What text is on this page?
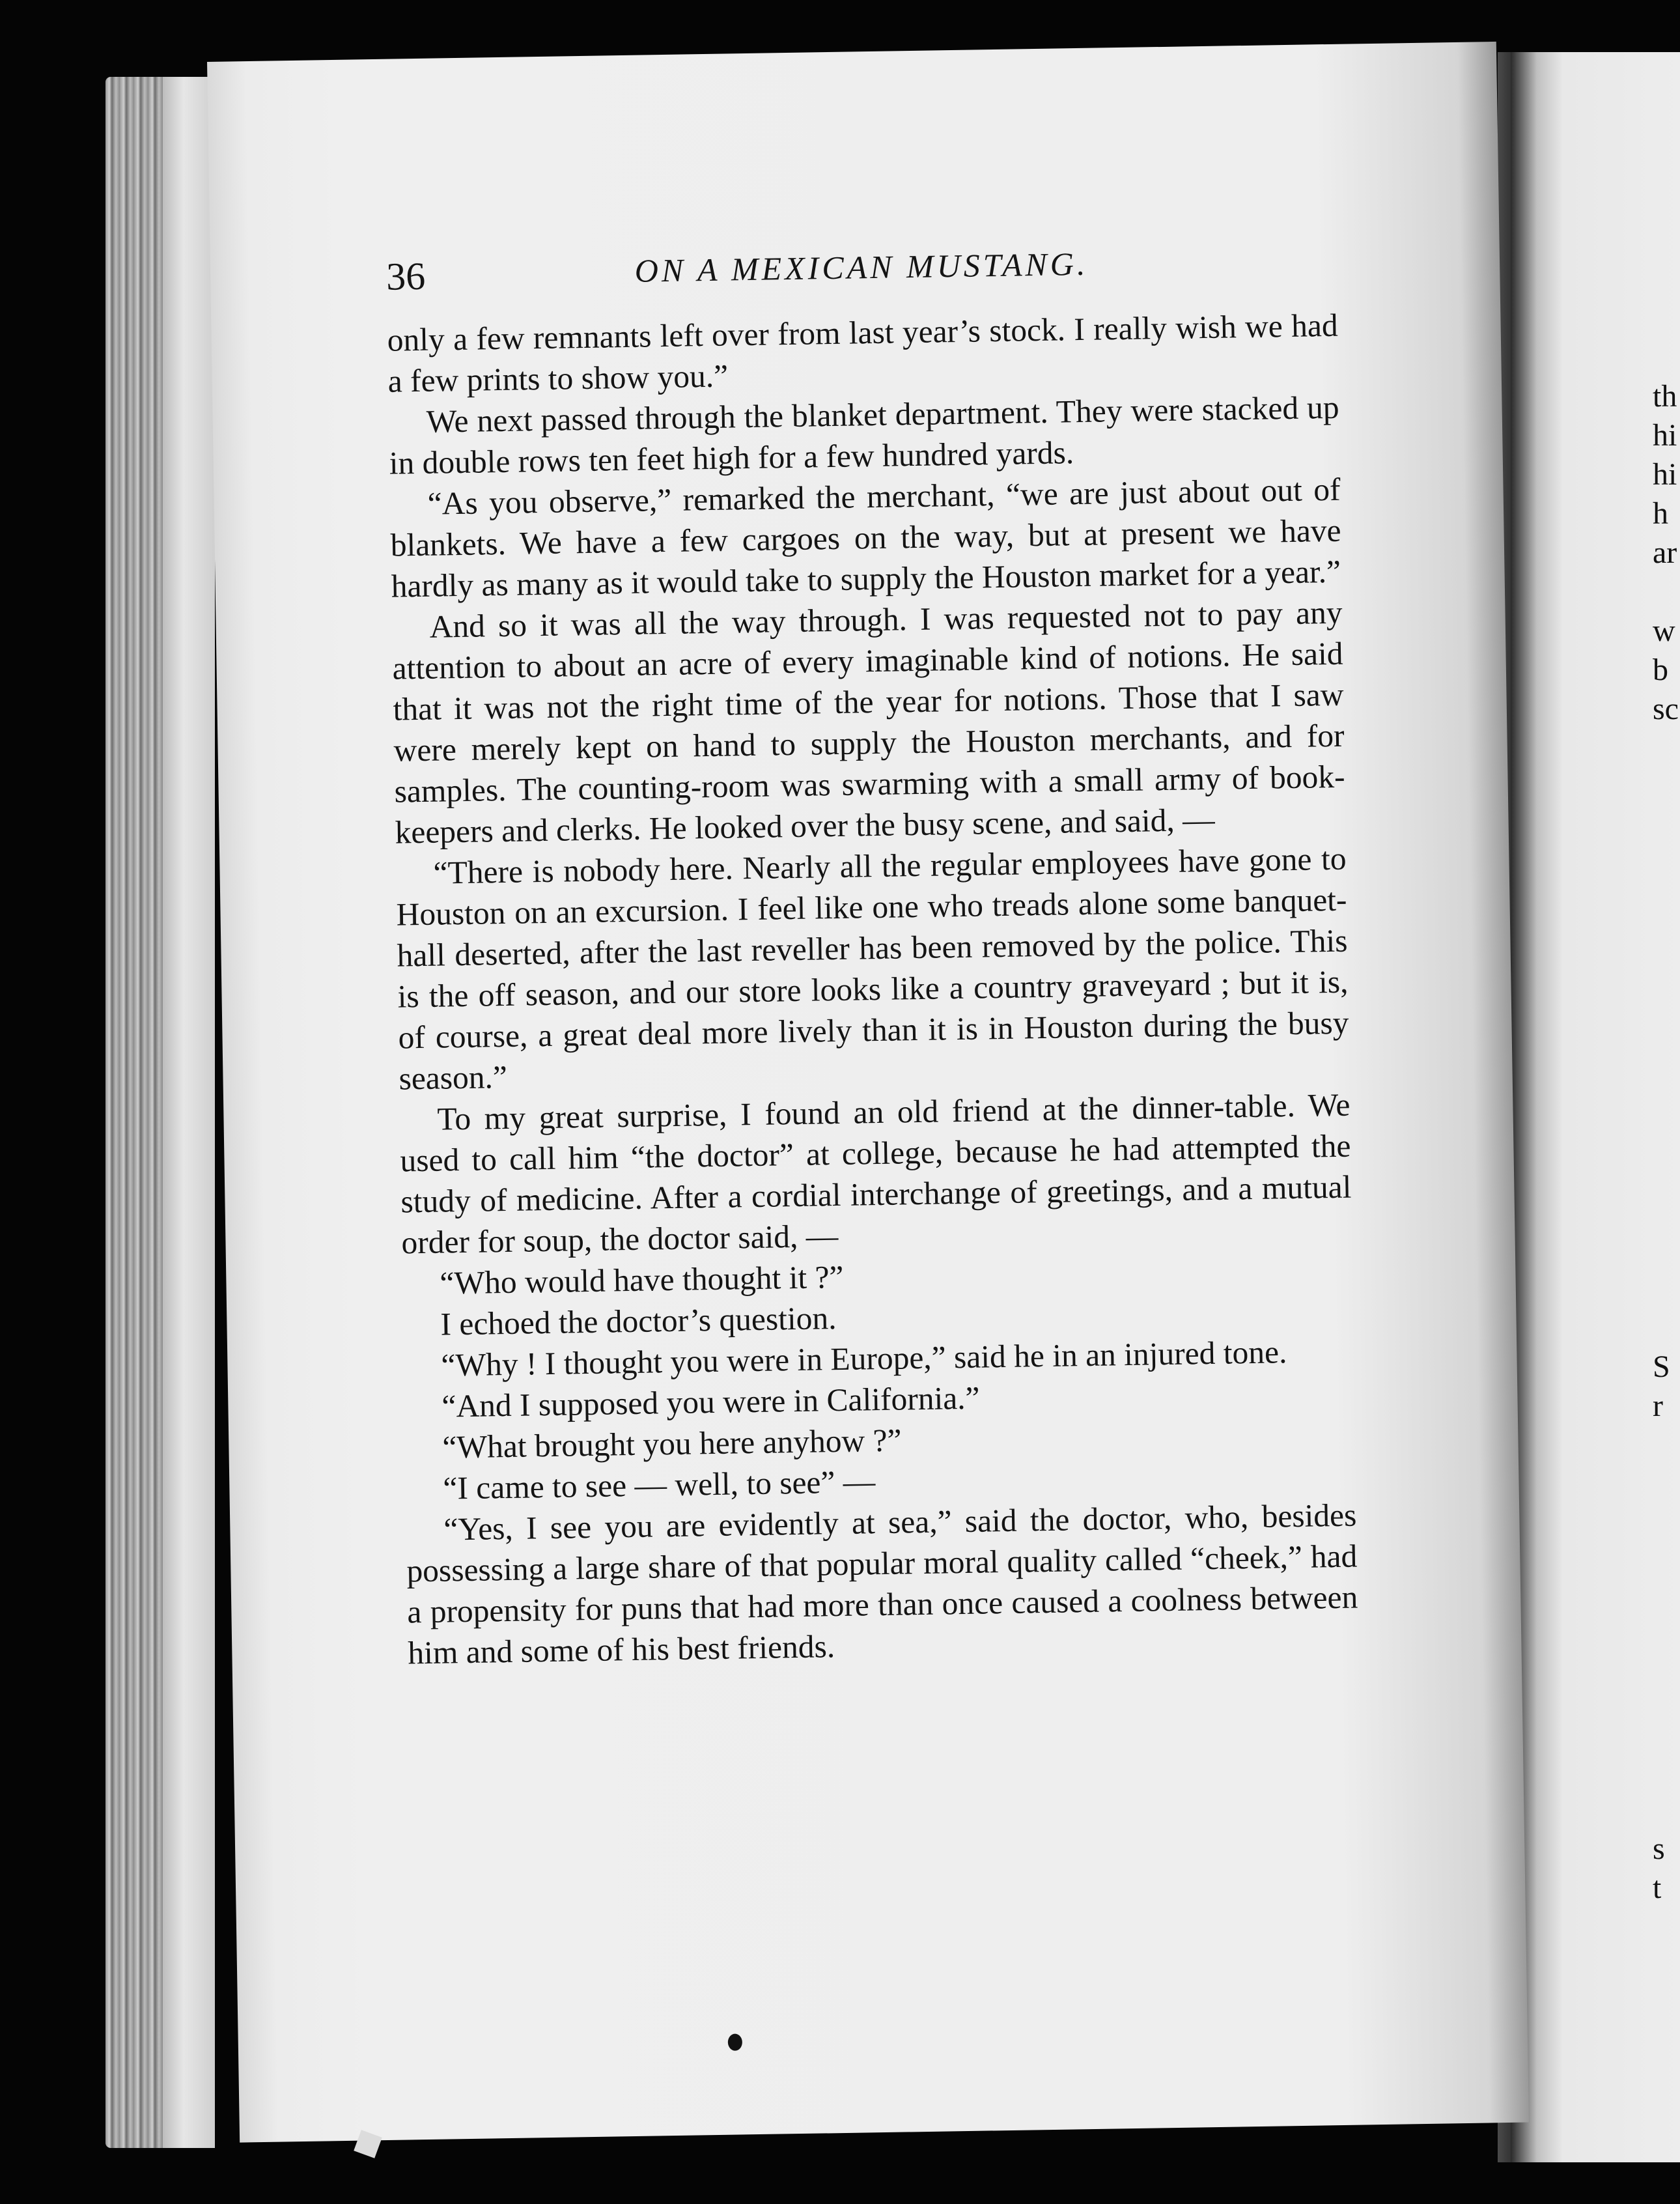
th
hi
hi
h
ar
w
b
sc
S
r
s
t
36	ON A MEXICAN MUSTANG.

only a few remnants left over from last year’s stock. I really wish we had a few prints to show you.”

We next passed through the blanket department. They were stacked up in double rows ten feet high for a few hundred yards.

“As you observe,” remarked the merchant, “we are just about out of blankets. We have a few cargoes on the way, but at present we have hardly as many as it would take to supply the Houston market for a year.”

And so it was all the way through. I was requested not to pay any attention to about an acre of every imaginable kind of notions. He said that it was not the right time of the year for notions. Those that I saw were merely kept on hand to supply the Houston merchants, and for samples. The counting-room was swarming with a small army of book-keepers and clerks. He looked over the busy scene, and said, —

“There is nobody here. Nearly all the regular employees have gone to Houston on an excursion. I feel like one who treads alone some banquet-hall deserted, after the last reveller has been removed by the police. This is the off season, and our store looks like a country graveyard ; but it is, of course, a great deal more lively than it is in Houston during the busy season.”

To my great surprise, I found an old friend at the dinner-table. We used to call him “the doctor” at college, because he had attempted the study of medicine. After a cordial interchange of greetings, and a mutual order for soup, the doctor said, —

“Who would have thought it ?”

I echoed the doctor’s question.

“Why ! I thought you were in Europe,” said he in an injured tone.

“And I supposed you were in California.”

“What brought you here anyhow ?”

“I came to see — well, to see” —

“Yes, I see you are evidently at sea,” said the doctor, who, besides possessing a large share of that popular moral quality called “cheek,” had a propensity for puns that had more than once caused a coolness between him and some of his best friends.
